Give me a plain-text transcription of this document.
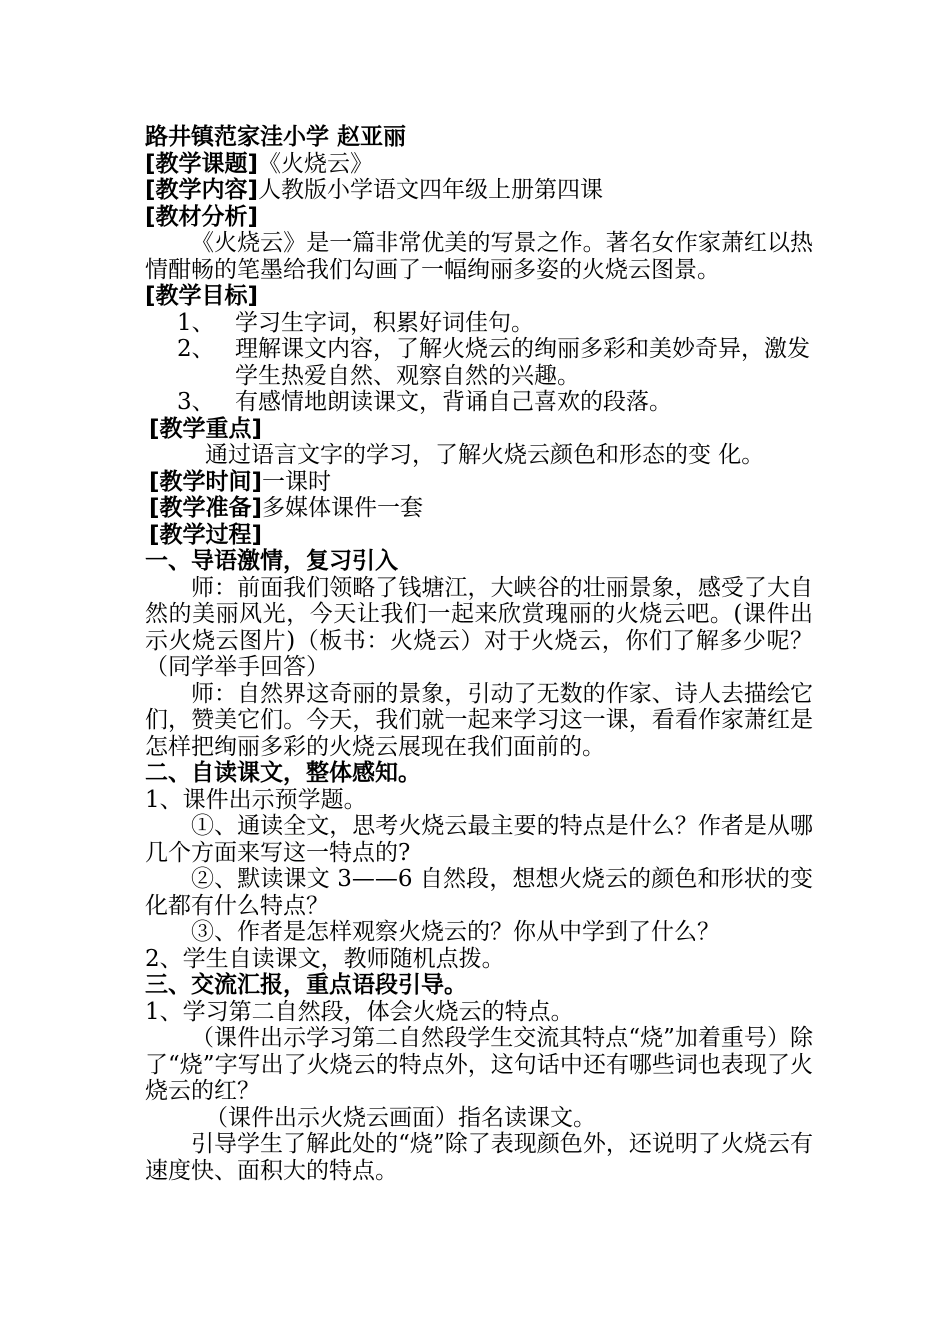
路井镇范家洼小学 赵亚丽
[教学课题]《火烧云》
[教学内容]人教版小学语文四年级上册第四课
[教材分析]
《火烧云》是一篇非常优美的写景之作。著名女作家萧红以热情酣畅的笔墨给我们勾画了一幅绚丽多姿的火烧云图景。
[教学目标]
1、 学习生字词，积累好词佳句。
2、 理解课文内容，了解火烧云的绚丽多彩和美妙奇异，激发学生热爱自然、观察自然的兴趣。
3、 有感情地朗读课文，背诵自己喜欢的段落。
[教学重点]
通过语言文字的学习，了解火烧云颜色和形态的变 化。
[教学时间]一课时
[教学准备]多媒体课件一套
[教学过程]
一、导语激情，复习引入
师：前面我们领略了钱塘江，大峡谷的壮丽景象，感受了大自然的美丽风光，今天让我们一起来欣赏瑰丽的火烧云吧。(课件出示火烧云图片)（板书：火烧云）对于火烧云，你们了解多少呢？（同学举手回答）
师：自然界这奇丽的景象，引动了无数的作家、诗人去描绘它们，赞美它们。今天，我们就一起来学习这一课，看看作家萧红是怎样把绚丽多彩的火烧云展现在我们面前的。
二、自读课文，整体感知。
1、课件出示预学题。
①、通读全文，思考火烧云最主要的特点是什么？作者是从哪几个方面来写这一特点的?
②、默读课文 3——6 自然段，想想火烧云的颜色和形状的变化都有什么特点？
③、作者是怎样观察火烧云的？你从中学到了什么？
2、学生自读课文，教师随机点拨。
三、交流汇报，重点语段引导。
1、学习第二自然段，体会火烧云的特点。
（课件出示学习第二自然段学生交流其特点“烧”加着重号）除了“烧”字写出了火烧云的特点外，这句话中还有哪些词也表现了火烧云的红？
（课件出示火烧云画面）指名读课文。
引导学生了解此处的“烧”除了表现颜色外，还说明了火烧云有速度快、面积大的特点。
